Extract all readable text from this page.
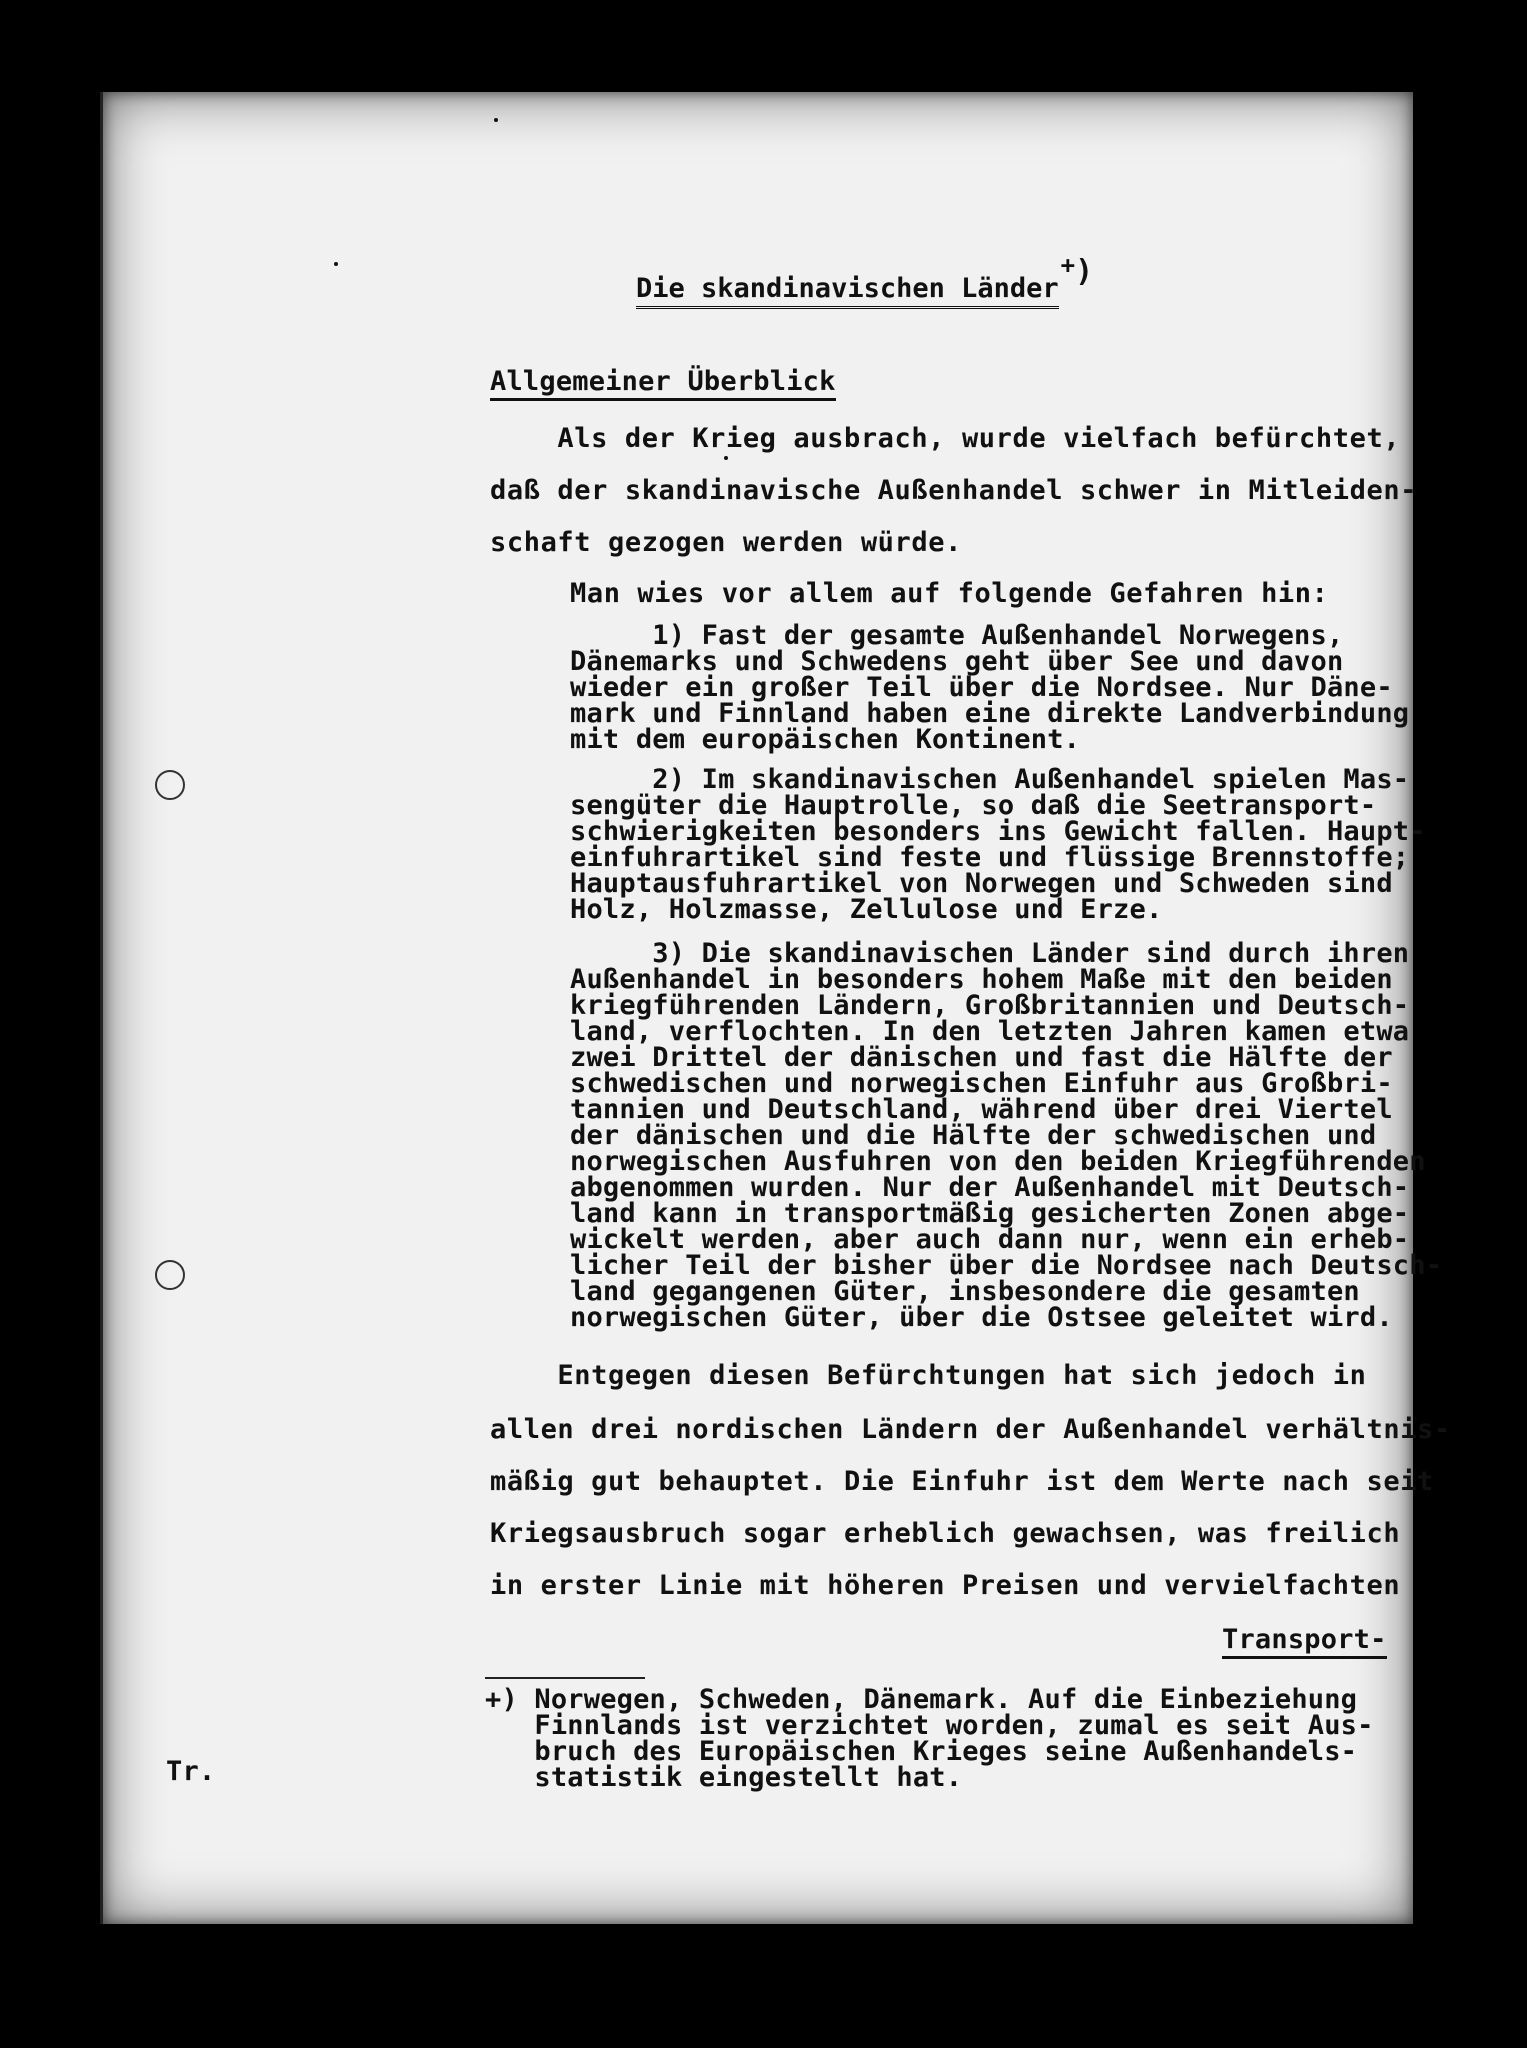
Die skandinavischen Länder+)
Allgemeiner Überblick
Als der Krieg ausbrach, wurde vielfach befürchtet,
daß der skandinavische Außenhandel schwer in Mitleiden-
schaft gezogen werden würde.
Man wies vor allem auf folgende Gefahren hin:
1) Fast der gesamte Außenhandel Norwegens,
Dänemarks und Schwedens geht über See und davon
wieder ein großer Teil über die Nordsee. Nur Däne-
mark und Finnland haben eine direkte Landverbindung
mit dem europäischen Kontinent.
2) Im skandinavischen Außenhandel spielen Mas-
sengüter die Hauptrolle, so daß die Seetransport-
schwierigkeiten besonders ins Gewicht fallen. Haupt-
einfuhrartikel sind feste und flüssige Brennstoffe;
Hauptausfuhrartikel von Norwegen und Schweden sind
Holz, Holzmasse, Zellulose und Erze.
3) Die skandinavischen Länder sind durch ihren
Außenhandel in besonders hohem Maße mit den beiden
kriegführenden Ländern, Großbritannien und Deutsch-
land, verflochten. In den letzten Jahren kamen etwa
zwei Drittel der dänischen und fast die Hälfte der
schwedischen und norwegischen Einfuhr aus Großbri-
tannien und Deutschland, während über drei Viertel
der dänischen und die Hälfte der schwedischen und
norwegischen Ausfuhren von den beiden Kriegführenden
abgenommen wurden. Nur der Außenhandel mit Deutsch-
land kann in transportmäßig gesicherten Zonen abge-
wickelt werden, aber auch dann nur, wenn ein erheb-
licher Teil der bisher über die Nordsee nach Deutsch-
land gegangenen Güter, insbesondere die gesamten
norwegischen Güter, über die Ostsee geleitet wird.
Entgegen diesen Befürchtungen hat sich jedoch in
allen drei nordischen Ländern der Außenhandel verhältnis-
mäßig gut behauptet. Die Einfuhr ist dem Werte nach seit
Kriegsausbruch sogar erheblich gewachsen, was freilich
in erster Linie mit höheren Preisen und vervielfachten
Transport-
+) Norwegen, Schweden, Dänemark. Auf die Einbeziehung
Finnlands ist verzichtet worden, zumal es seit Aus-
bruch des Europäischen Krieges seine Außenhandels-
statistik eingestellt hat.
Tr.
